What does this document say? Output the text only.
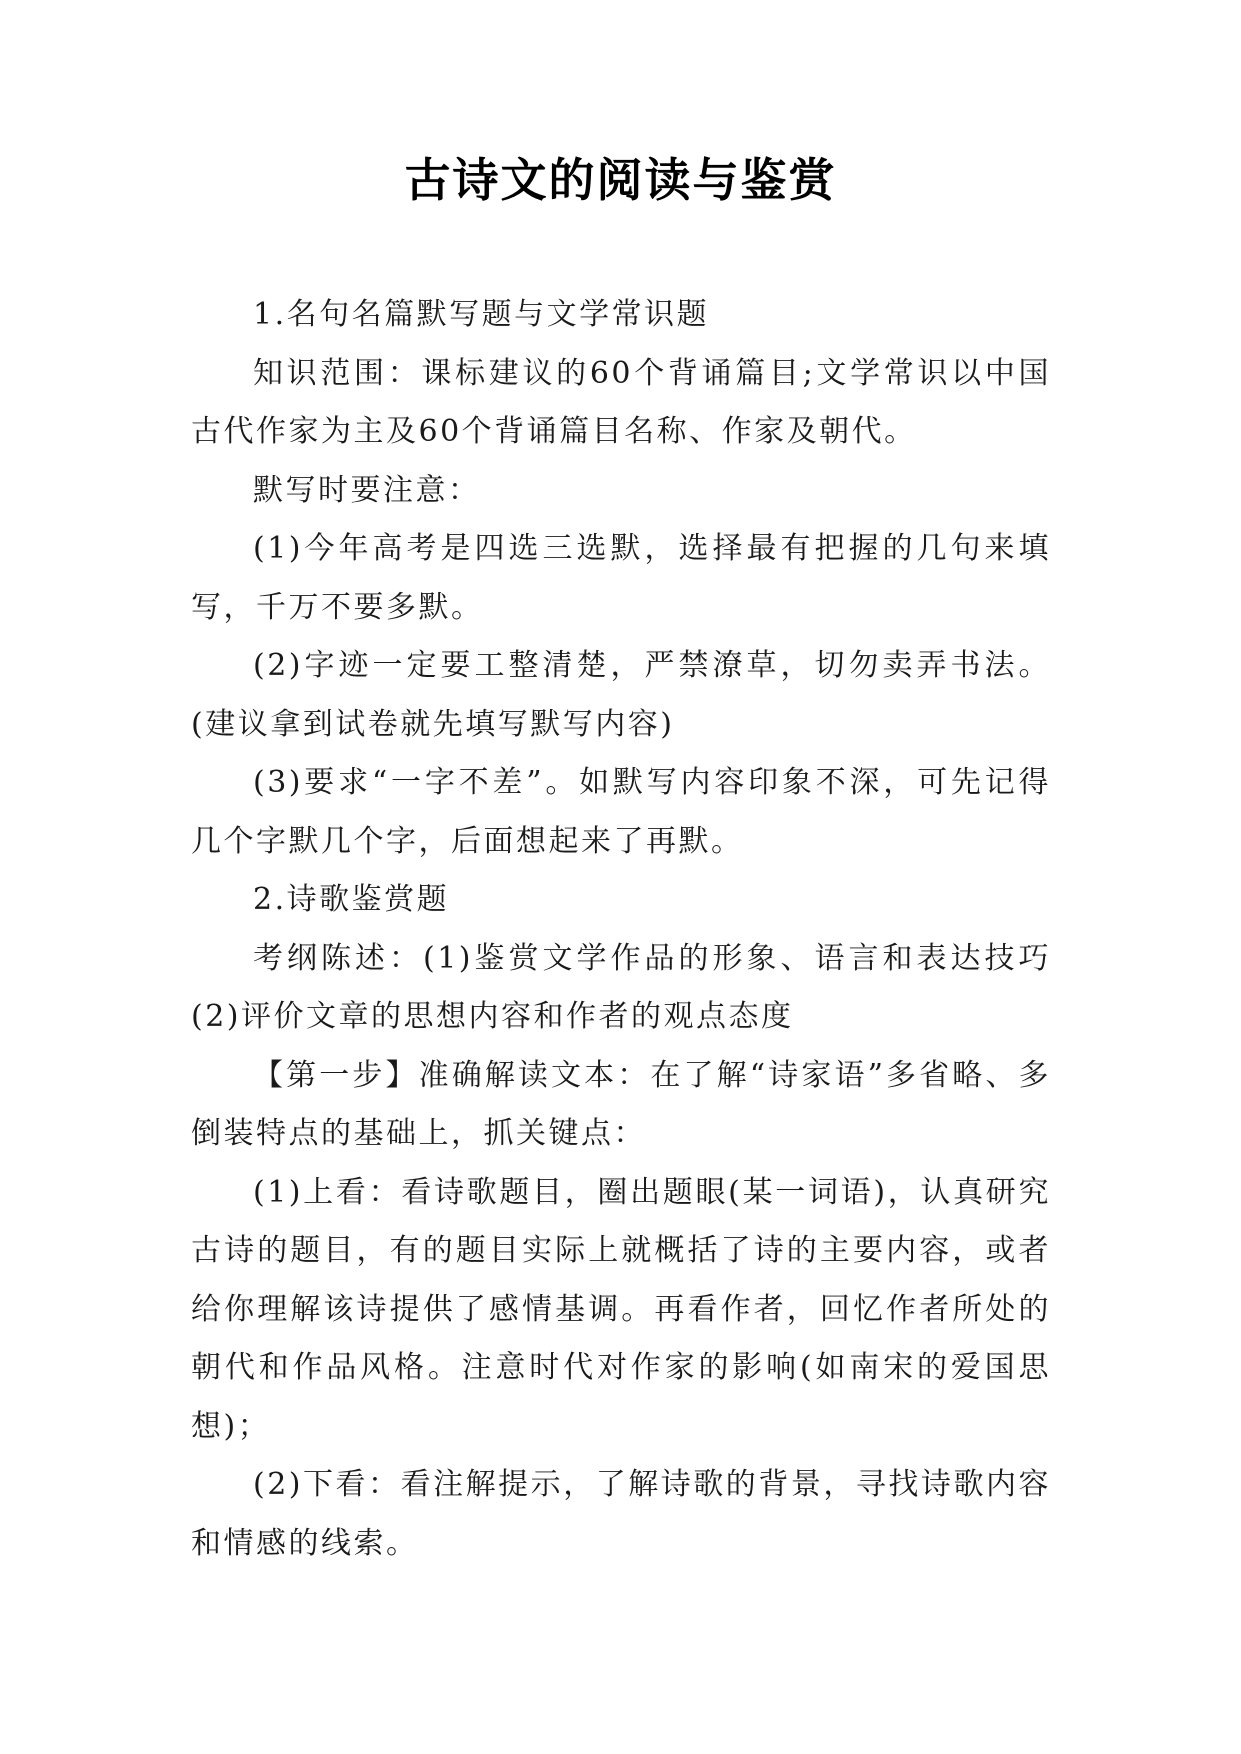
古诗文的阅读与鉴赏

1.名句名篇默写题与文学常识题

知识范围：课标建议的60个背诵篇目;文学常识以中国古代作家为主及60个背诵篇目名称、作家及朝代。

默写时要注意：

(1)今年高考是四选三选默，选择最有把握的几句来填写，千万不要多默。

(2)字迹一定要工整清楚，严禁潦草，切勿卖弄书法。(建议拿到试卷就先填写默写内容)

(3)要求“一字不差”。如默写内容印象不深，可先记得几个字默几个字，后面想起来了再默。

2.诗歌鉴赏题

考纲陈述：(1)鉴赏文学作品的形象、语言和表达技巧(2)评价文章的思想内容和作者的观点态度

【第一步】准确解读文本：在了解“诗家语”多省略、多倒装特点的基础上，抓关键点：

(1)上看：看诗歌题目，圈出题眼(某一词语)，认真研究古诗的题目，有的题目实际上就概括了诗的主要内容，或者给你理解该诗提供了感情基调。再看作者，回忆作者所处的朝代和作品风格。注意时代对作家的影响(如南宋的爱国思想)；

(2)下看：看注解提示，了解诗歌的背景，寻找诗歌内容和情感的线索。
